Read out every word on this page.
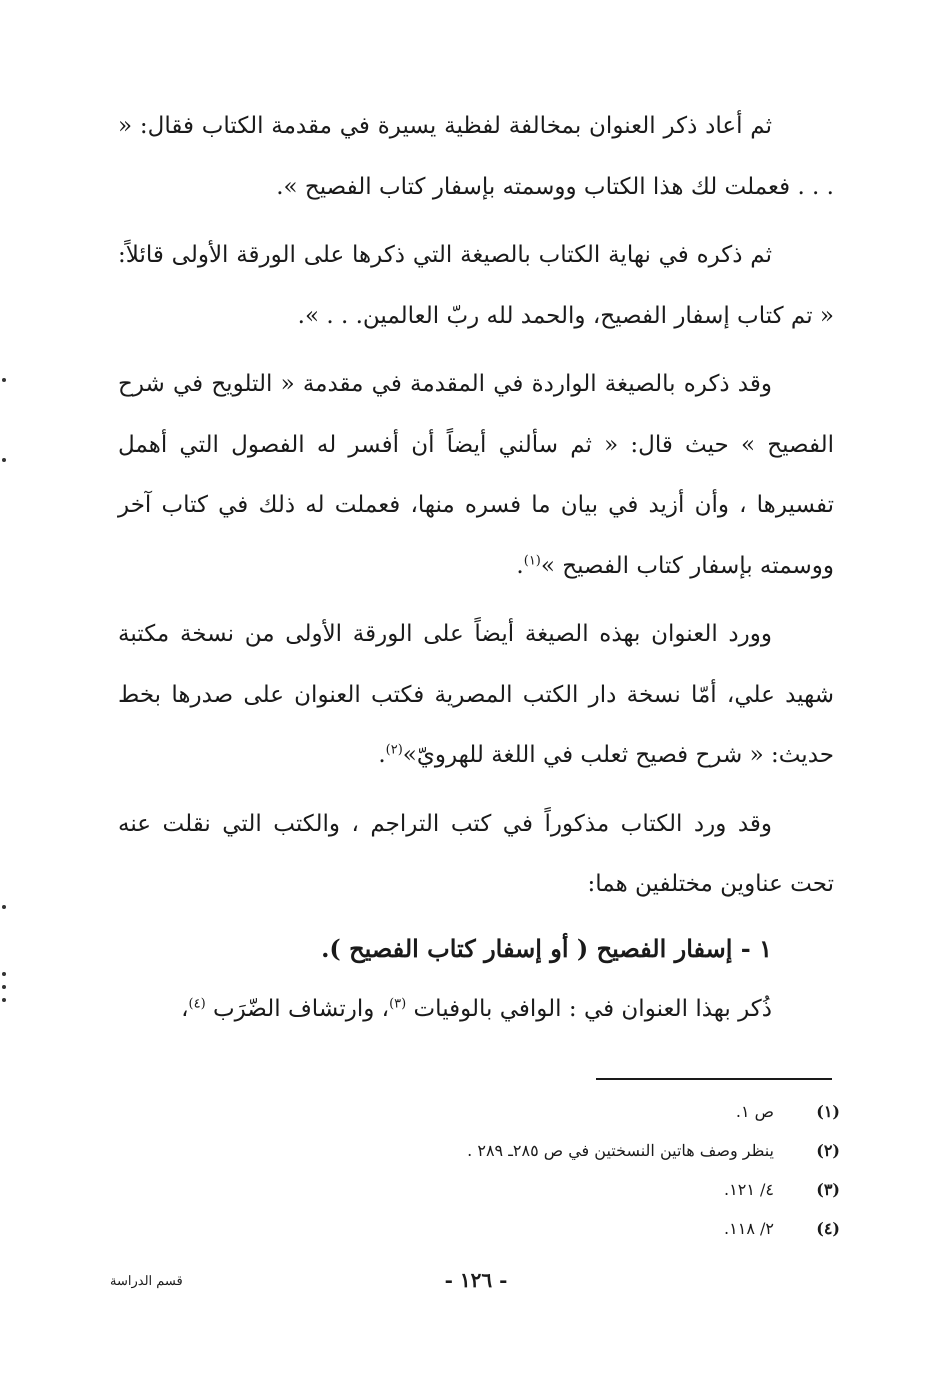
ثم أعاد ذكر العنوان بمخالفة لفظية يسيرة في مقدمة الكتاب فقال: « . . . فعملت لك هذا الكتاب ووسمته بإسفار كتاب الفصيح ».

ثم ذكره في نهاية الكتاب بالصيغة التي ذكرها على الورقة الأولى قائلاً: « تم كتاب إسفار الفصيح، والحمد لله ربّ العالمين. . . ».

وقد ذكره بالصيغة الواردة في المقدمة في مقدمة « التلويح في شرح الفصيح » حيث قال: « ثم سألني أيضاً أن أفسر له الفصول التي أهمل تفسيرها ، وأن أزيد في بيان ما فسره منها، فعملت له ذلك في كتاب آخر ووسمته بإسفار كتاب الفصيح »$^{(١)}$.

وورد العنوان بهذه الصيغة أيضاً على الورقة الأولى من نسخة مكتبة شهيد علي، أمّا نسخة دار الكتب المصرية فكتب العنوان على صدرها بخط حديث: « شرح فصيح ثعلب في اللغة للهرويّ»$^{(٢)}$.

وقد ورد الكتاب مذكوراً في كتب التراجم ، والكتب التي نقلت عنه تحت عناوين مختلفين هما:

١ - إسفار الفصيح ( أو إسفار كتاب الفصيح ).

ذُكر بهذا العنوان في : الوافي بالوفيات $^{(٣)}$، وارتشاف الضّرَب $^{(٤)}$،

(١)
ص ١.
(٢)
ينظر وصف هاتين النسختين في ص ٢٨٥ـ ٢٨٩ .
(٣)
٤/ ١٢١.
(٤)
٢/ ١١٨.
- ١٢٦ -
قسم الدراسة
